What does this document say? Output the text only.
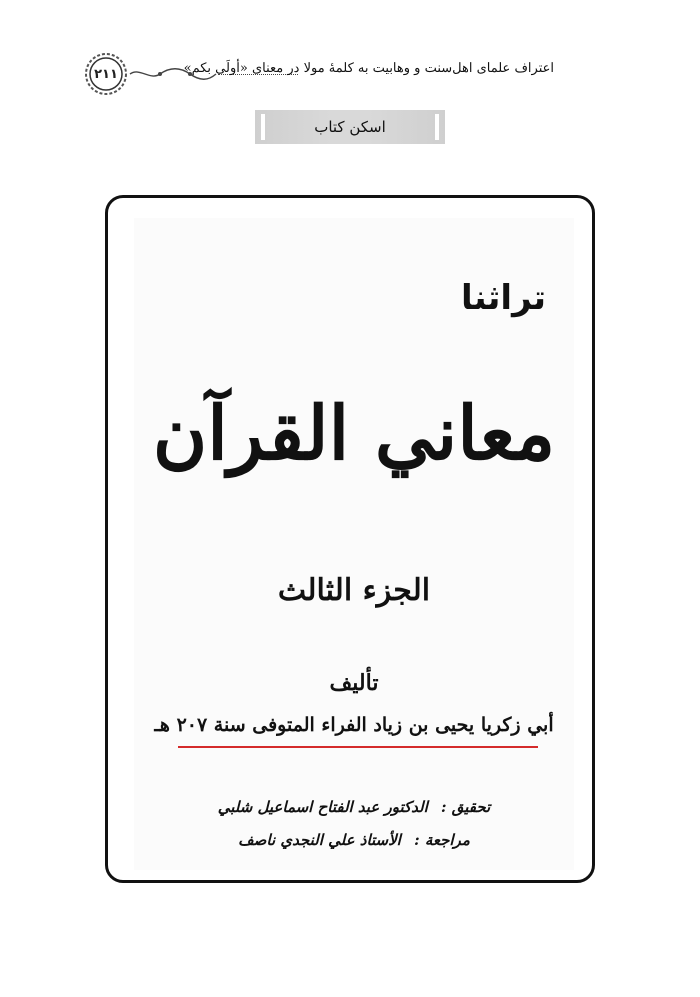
۲۱۱	اعتراف علمای اهل‌سنت و وهابیت به کلمهٔ مولا در معنای «أولَی بکم»
اسکن کتاب
تراثنا
معاني القرآن
الجزء الثالث
تأليف
أبي زكريا يحيى بن زياد الفراء المتوفى سنة ٢٠٧ هـ
تحقيق : الدكتور عبد الفتاح اسماعيل شلبي
مراجعة : الأستاذ علي النجدي ناصف
